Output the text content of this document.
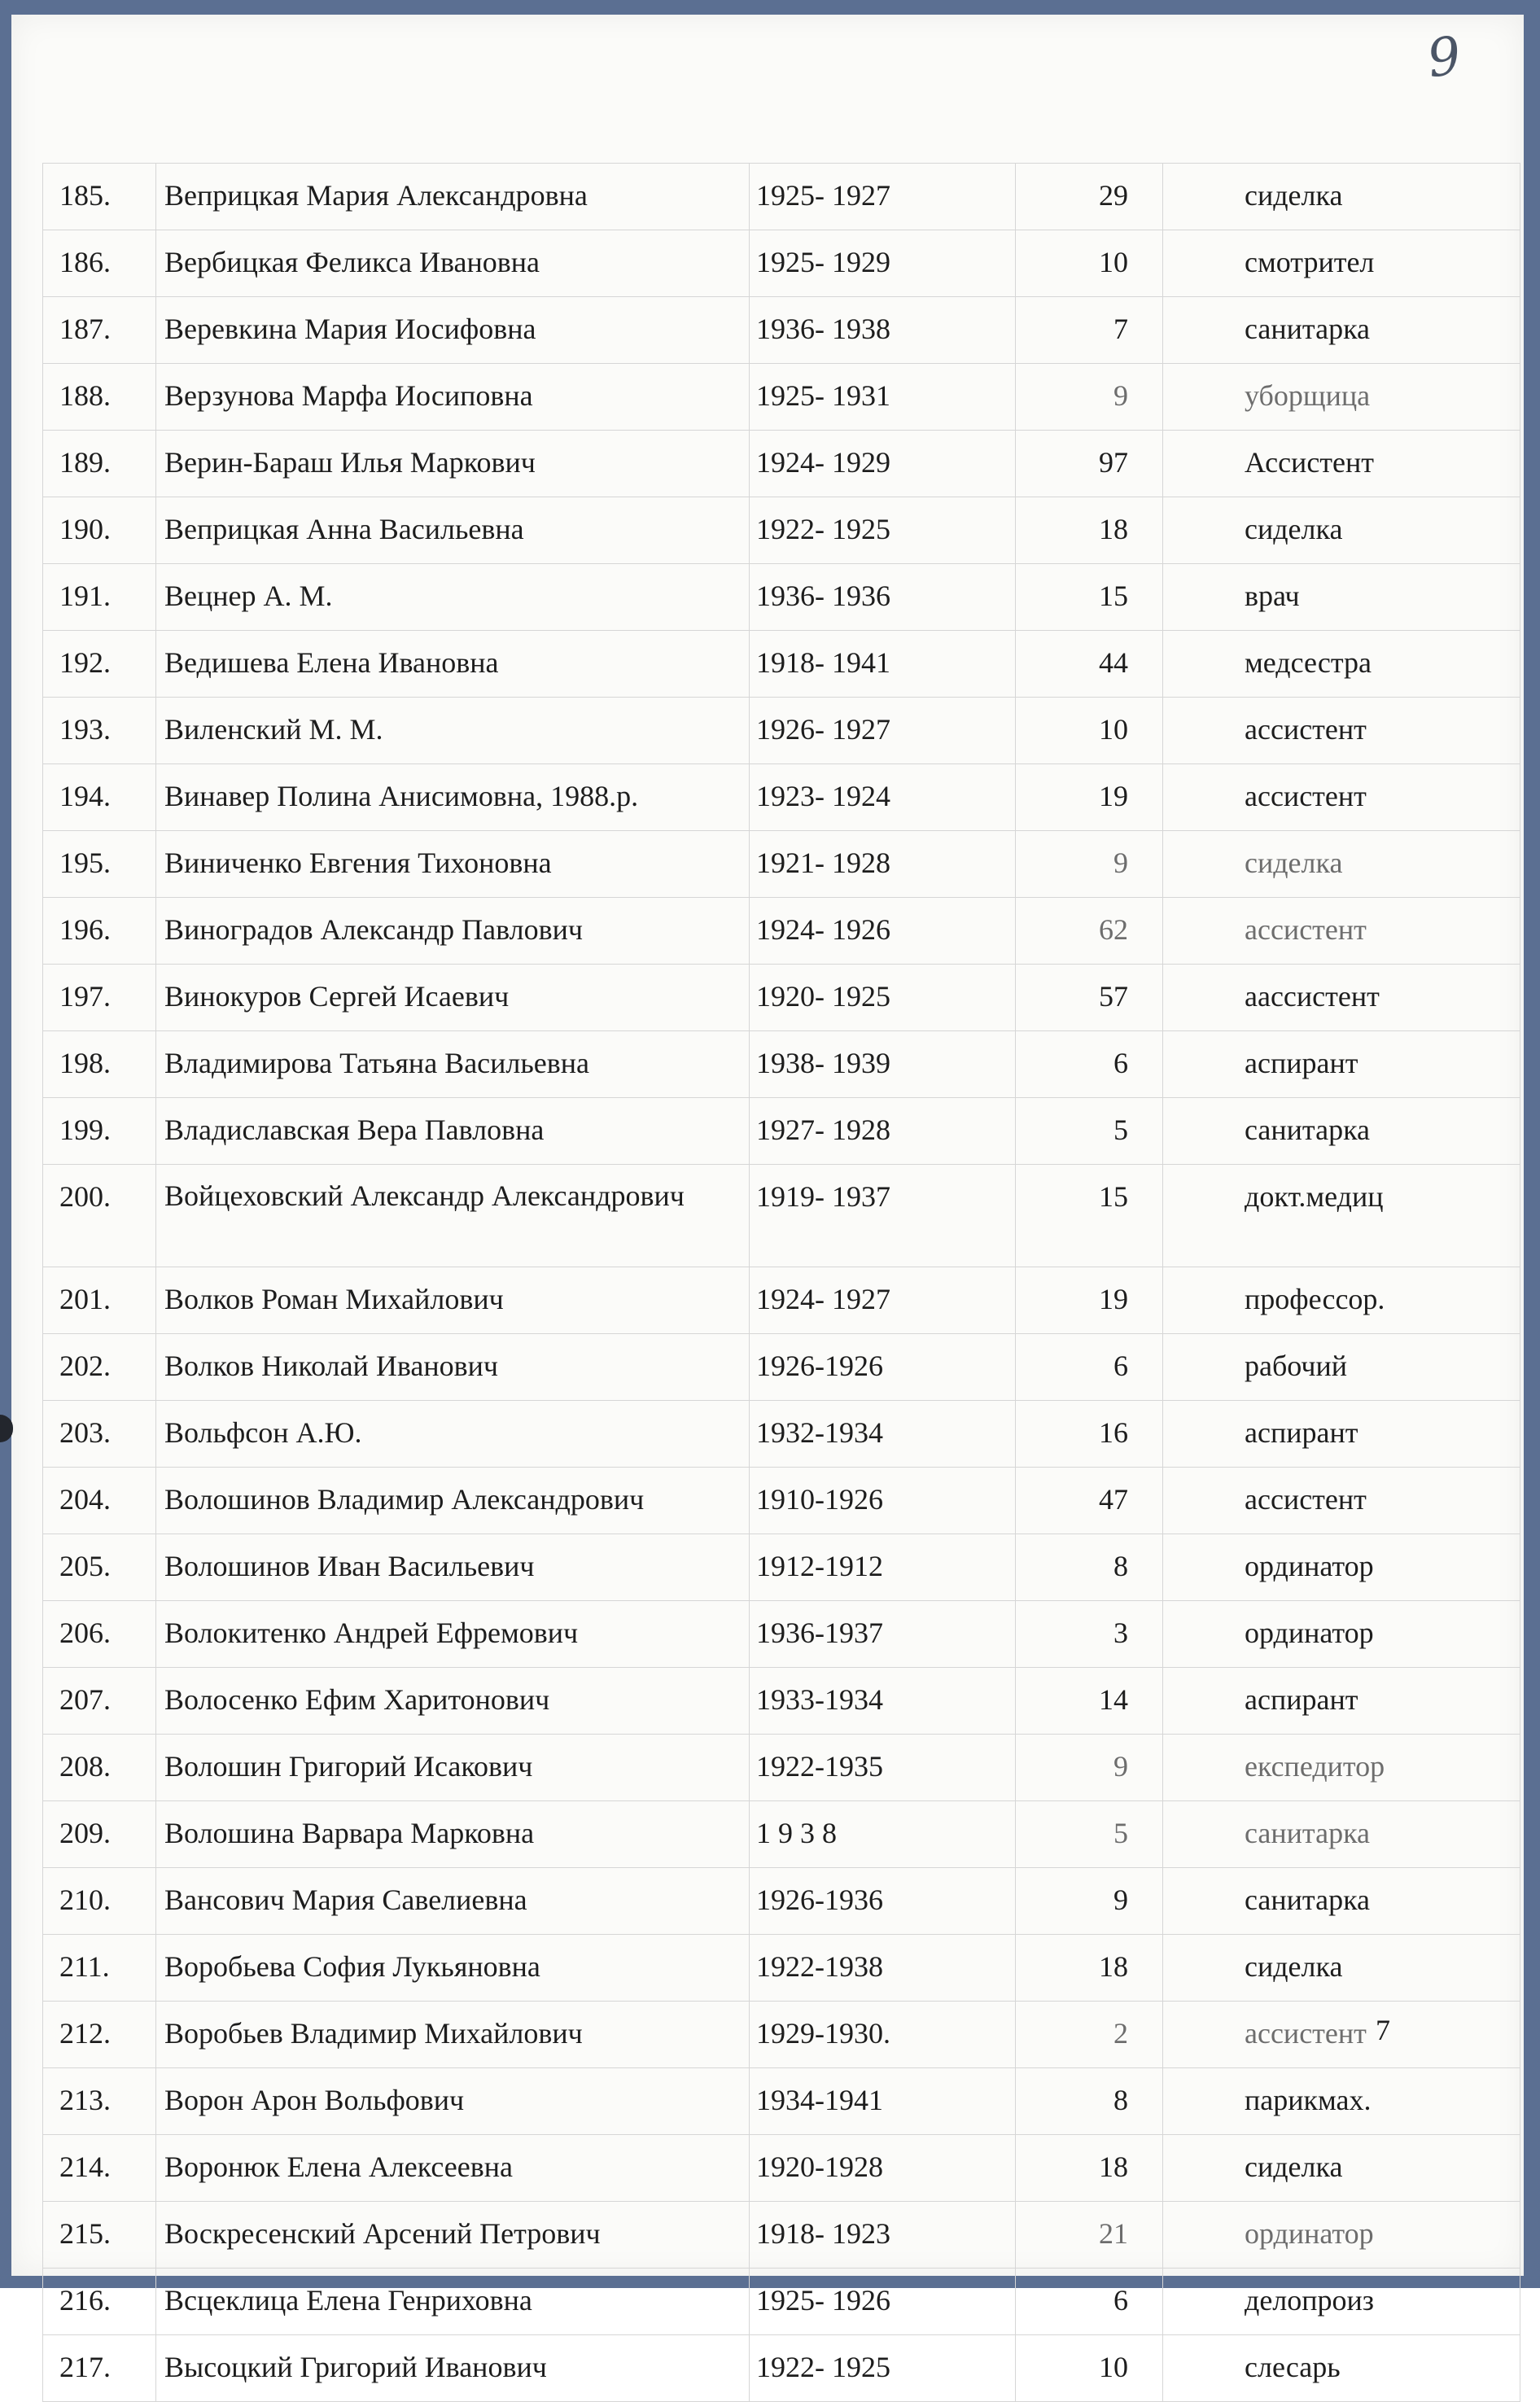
9
185.	Веприцкая Мария Александровна	1925- 1927	29	сиделка
186.	Вербицкая Феликса Ивановна	1925- 1929	10	смотрител
187.	Веревкина Мария Иосифовна	1936- 1938	7	санитарка
188.	Верзунова Марфа Иосиповна	1925- 1931	9	уборщица
189.	Верин-Бараш Илья Маркович	1924- 1929	97	Ассистент
190.	Веприцкая Анна Васильевна	1922- 1925	18	сиделка
191.	Вецнер А. М.	1936- 1936	15	врач
192.	Ведишева Елена Ивановна	1918- 1941	44	медсестра
193.	Виленский М. М.	1926- 1927	10	ассистент
194.	Винавер Полина Анисимовна, 1988.р.	1923- 1924	19	ассистент
195.	Виниченко Евгения Тихоновна	1921- 1928	9	сиделка
196.	Виноградов Александр Павлович	1924- 1926	62	ассистент
197.	Винокуров Сергей Исаевич	1920- 1925	57	аассистент
198.	Владимирова Татьяна Васильевна	1938- 1939	6	аспирант
199.	Владиславская Вера Павловна	1927- 1928	5	санитарка
200.	Войцеховский Александр Александрович	1919- 1937	15	докт.медиц
201.	Волков Роман Михайлович	1924- 1927	19	профессор.
202.	Волков Николай Иванович	1926-1926	6	рабочий
203.	Вольфсон А.Ю.	1932-1934	16	аспирант
204.	Волошинов Владимир Александрович	1910-1926	47	ассистент
205.	Волошинов Иван Васильевич	1912-1912	8	ординатор
206.	Волокитенко Андрей Ефремович	1936-1937	3	ординатор
207.	Волосенко Ефим Харитонович	1933-1934	14	аспирант
208.	Волошин Григорий Исакович	1922-1935	9	експедитор
209.	Волошина Варвара Марковна	1 9 3 8	5	санитарка
210.	Вансович Мария Савелиевна	1926-1936	9	санитарка
211.	Воробьева София Лукьяновна	1922-1938	18	сиделка
212.	Воробьев Владимир Михайлович	1929-1930.	2	ассистент
213.	Ворон Арон Вольфович	1934-1941	8	парикмах.
214.	Воронюк Елена Алексеевна	1920-1928	18	сиделка
215.	Воскресенский Арсений Петрович	1918- 1923	21	ординатор
216.	Всцеклица Елена Генриховна	1925- 1926	6	делопроиз
217.	Высоцкий Григорий Иванович	1922- 1925	10	слесарь
7
